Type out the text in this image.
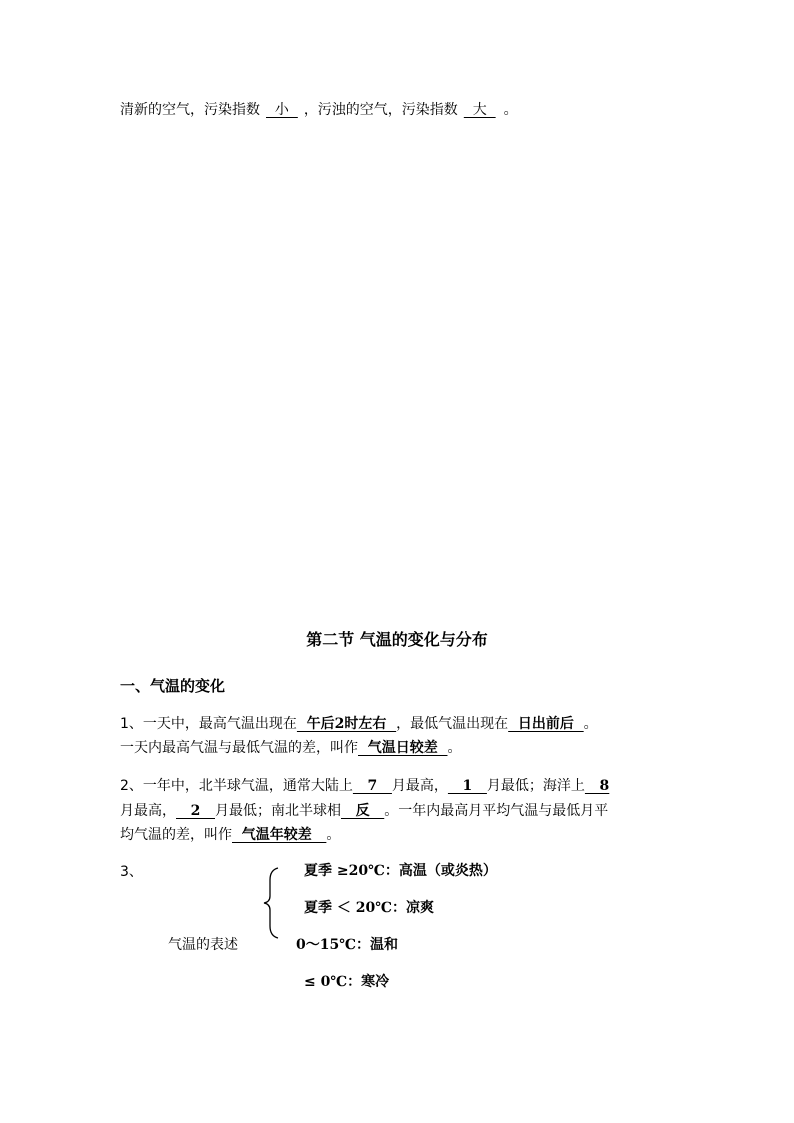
清新的空气，污染指数  小  ，污浊的空气，污染指数  大  。
第二节 气温的变化与分布
一、气温的变化
1、一天中，最高气温出现在  午后2时左右  ，最低气温出现在  日出前后  。
一天内最高气温与最低气温的差，叫作  气温日较差  。
2、一年中，北半球气温，通常大陆上   7   月最高，   1   月最低；海洋上   8
月最高，   2   月最低；南北半球相   反   。一年内最高月平均气温与最低月平
均气温的差，叫作  气温年较差   。
3、	夏季 ≥20℃：高温（或炎热）
夏季 ＜ 20℃：凉爽
气温的表述	0～15℃：温和
≤ 0℃：寒冷
